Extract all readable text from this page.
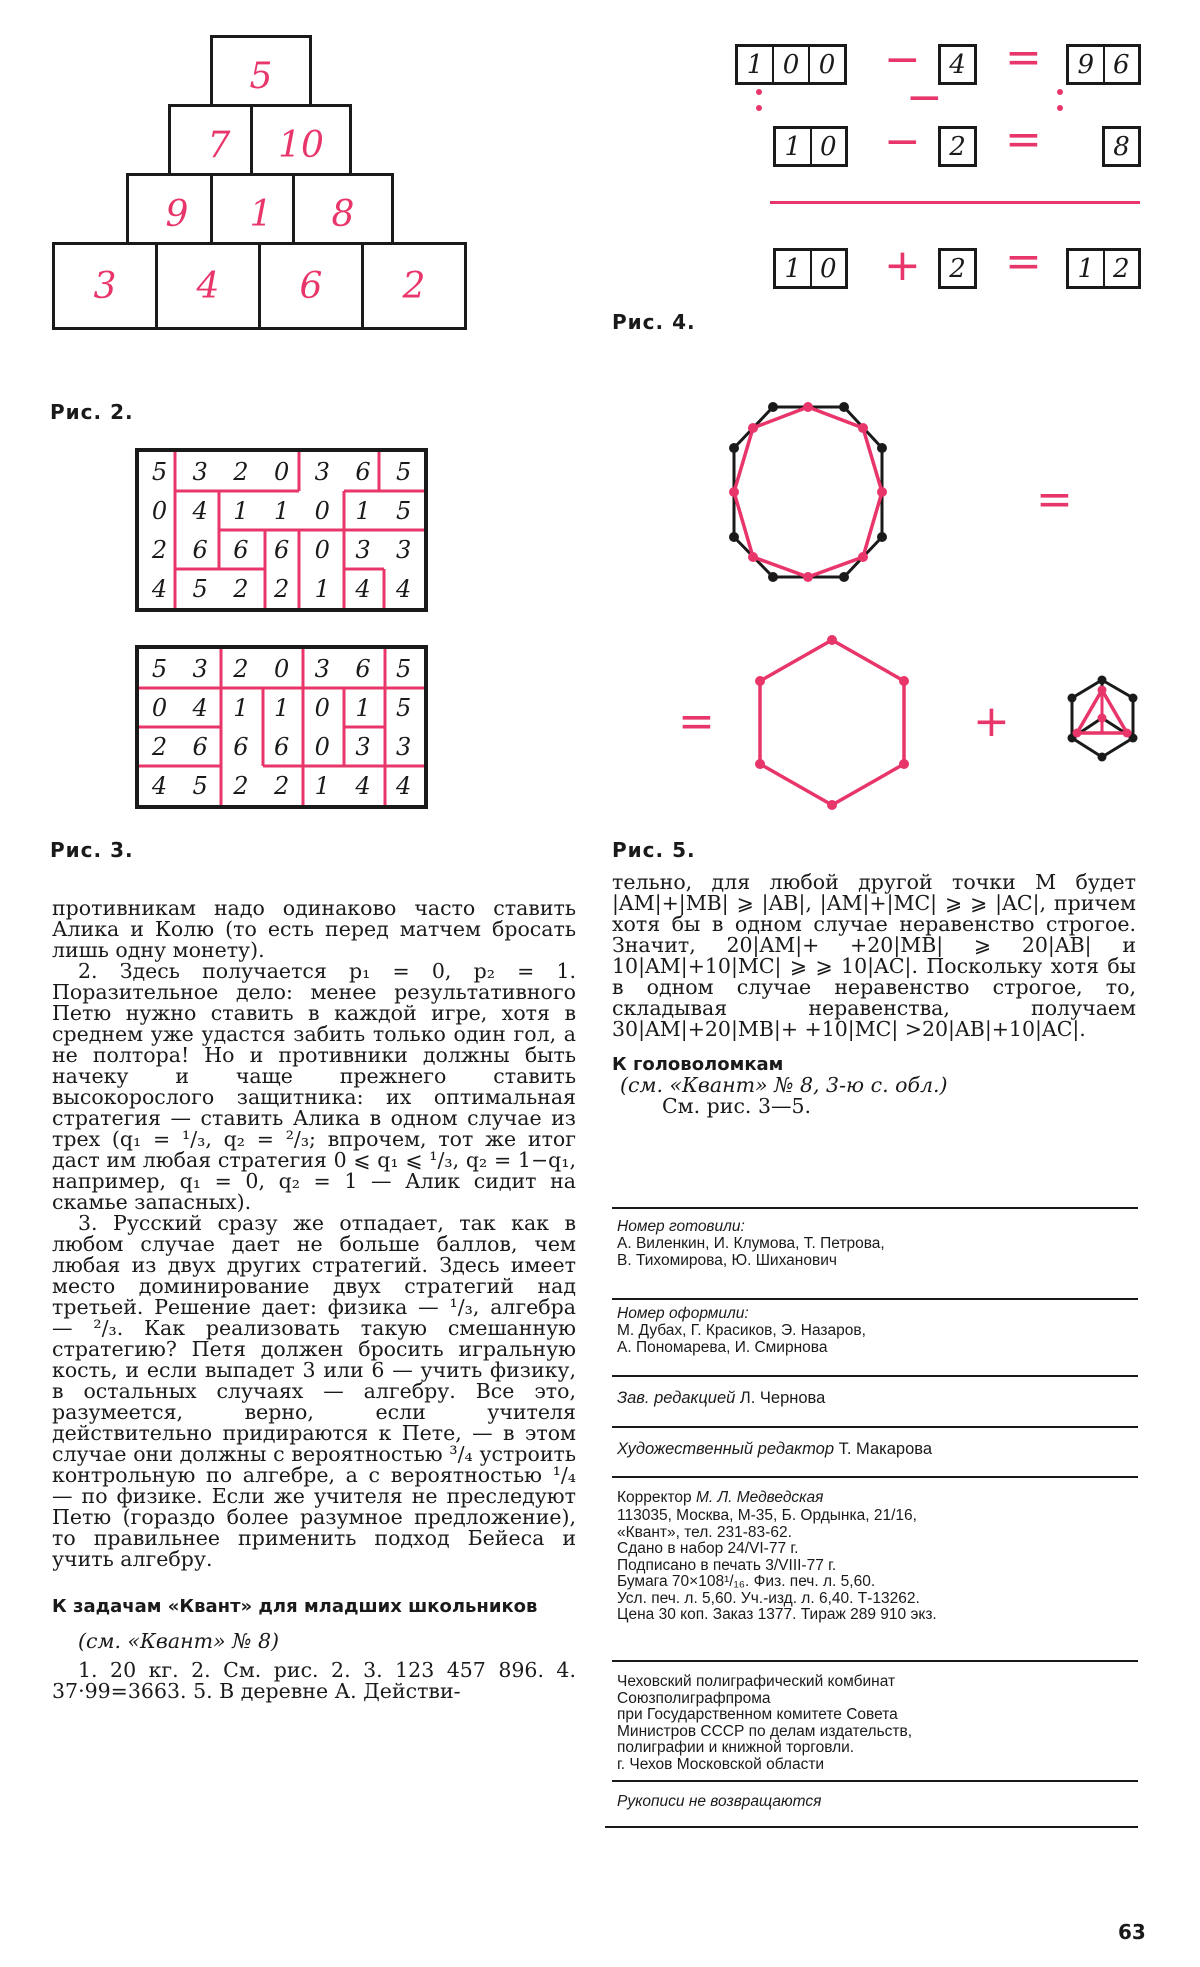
5
7	10
9	1	8
3	4	6	2
Рис. 2.
5	3	2	0	3	6	5
0	4	1	1	0	1	5
2	6	6	6	0	3	3
4	5	2	2	1	4	4
5	3	2	0	3	6	5
0	4	1	1	0	1	5
2	6	6	6	0	3	3
4	5	2	2	1	4	4
Рис. 3.
1 0 0 −	4 =	9 6
−
1 0 −	2 =	8
1 0 +	2 =	1 2
Рис. 4.
=
=	+
Рис. 5.

противникам надо одинаково часто ставить Алика и Колю (то есть перед матчем бросать лишь одну монету).

2. Здесь получается p₁ = 0, p₂ = 1. Поразительное дело: менее результативного Петю нужно ставить в каждой игре, хотя в среднем уже удастся забить только один гол, а не полтора! Но и противники должны быть начеку и чаще прежнего ставить высокорослого защитника: их оптимальная стратегия — ставить Алика в одном случае из трех (q₁ = ¹/₃, q₂ = ²/₃; впрочем, тот же итог даст им любая стратегия 0 ⩽ q₁ ⩽ ¹/₃, q₂ = 1−q₁, например, q₁ = 0, q₂ = 1 — Алик сидит на скамье запасных).

3. Русский сразу же отпадает, так как в любом случае дает не больше баллов, чем любая из двух других стратегий. Здесь имеет место доминирование двух стратегий над третьей. Решение дает: физика — ¹/₃, алгебра — ²/₃. Как реализовать такую смешанную стратегию? Петя должен бросить игральную кость, и если выпадет 3 или 6 — учить физику, в остальных случаях — алгебру. Все это, разумеется, верно, если учителя действительно придираются к Пете, — в этом случае они должны с вероятностью ³/₄ устроить контрольную по алгебре, а с вероятностью ¹/₄ — по физике. Если же учителя не преследуют Петю (гораздо более разумное предложение), то правильнее применить подход Бейеса и учить алгебру.

К задачам «Квант» для младших школьников

(см. «Квант» № 8)

1. 20 кг. 2. См. рис. 2. 3. 123 457 896. 4. 37·99=3663. 5. В деревне А. Действи-

тельно, для любой другой точки M будет |AM|+|MB| ⩾ |AB|, |AM|+|MC| ⩾ ⩾ |AC|, причем хотя бы в одном случае неравенство строгое. Значит, 20|AM|+ +20|MB| ⩾ 20|AB| и 10|AM|+10|MC| ⩾ ⩾ 10|AC|. Поскольку хотя бы в одном случае неравенство строгое, то, складывая неравенства, получаем 30|AM|+20|MB|+ +10|MC| >20|AB|+10|AC|.

К головоломкам

(см. «Квант» № 8, 3-ю с. обл.)

См. рис. 3—5.

Номер готовили:
А. Виленкин, И. Клумова, Т. Петрова,
В. Тихомирова, Ю. Шиханович
Номер оформили:
М. Дубах, Г. Красиков, Э. Назаров,
А. Пономарева, И. Смирнова
Зав. редакцией Л. Чернова
Художественный редактор Т. Макарова
Корректор М. Л. Медведская
113035, Москва, М-35, Б. Ордынка, 21/16,
«Квант», тел. 231-83-62.
Сдано в набор 24/VI-77 г.
Подписано в печать 3/VIII-77 г.
Бумага 70×108¹/₁₆. Физ. печ. л. 5,60.
Усл. печ. л. 5,60. Уч.-изд. л. 6,40. Т-13262.
Цена 30 коп. Заказ 1377. Тираж 289 910 экз.
Чеховский полиграфический комбинат
Союзполиграфпрома
при Государственном комитете Совета
Министров СССР по делам издательств,
полиграфии и книжной торговли.
г. Чехов Московской области
Рукописи не возвращаются
63
